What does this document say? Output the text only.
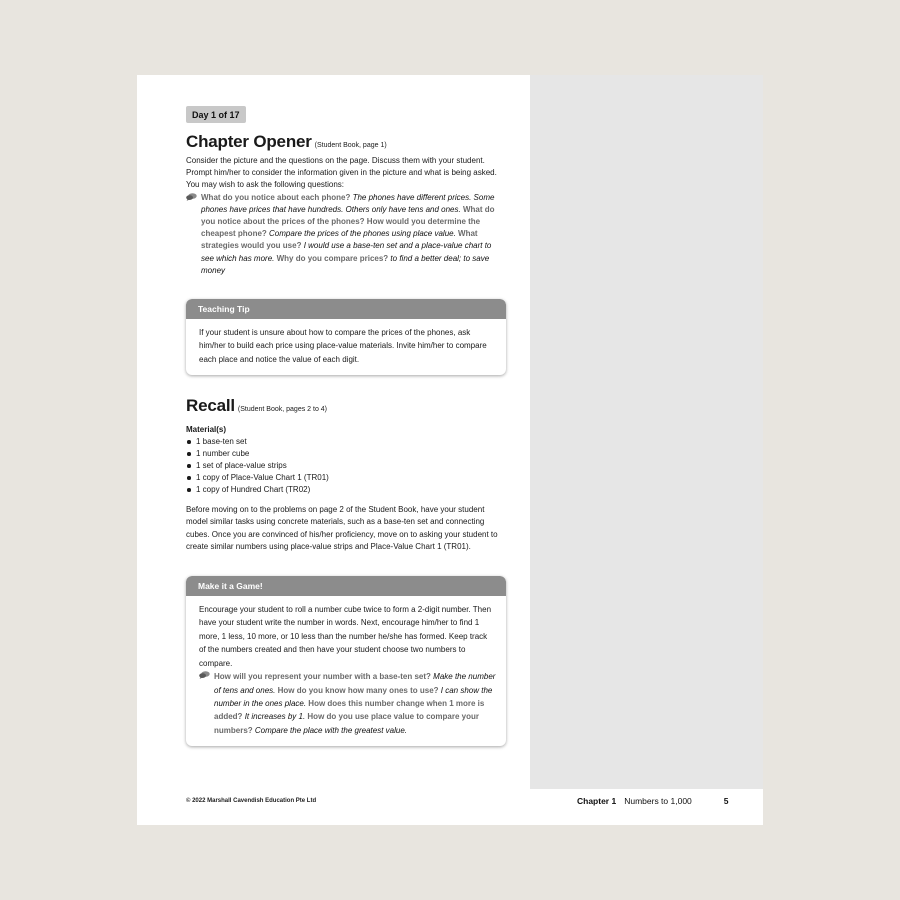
Day 1 of 17
Chapter Opener (Student Book, page 1)

Consider the picture and the questions on the page. Discuss them with your student. Prompt him/her to consider the information given in the picture and what is being asked. You may wish to ask the following questions:

What do you notice about each phone? The phones have different prices. Some phones have prices that have hundreds. Others only have tens and ones. What do you notice about the prices of the phones? How would you determine the cheapest phone? Compare the prices of the phones using place value. What strategies would you use? I would use a base-ten set and a place-value chart to see which has more. Why do you compare prices? to find a better deal; to save money
Teaching Tip
If your student is unsure about how to compare the prices of the phones, ask him/her to build each price using place-value materials. Invite him/her to compare each place and notice the value of each digit.
Recall (Student Book, pages 2 to 4)
Material(s)
1 base-ten set
1 number cube
1 set of place-value strips
1 copy of Place-Value Chart 1 (TR01)
1 copy of Hundred Chart (TR02)

Before moving on to the problems on page 2 of the Student Book, have your student model similar tasks using concrete materials, such as a base-ten set and connecting cubes. Once you are convinced of his/her proficiency, move on to asking your student to create similar numbers using place-value strips and Place-Value Chart 1 (TR01).

Make it a Game!
Encourage your student to roll a number cube twice to form a 2-digit number. Then have your student write the number in words. Next, encourage him/her to find 1 more, 1 less, 10 more, or 10 less than the number he/she has formed. Keep track of the numbers created and then have your student choose two numbers to compare.
How will you represent your number with a base-ten set? Make the number of tens and ones. How do you know how many ones to use? I can show the number in the ones place. How does this number change when 1 more is added? It increases by 1. How do you use place value to compare your numbers? Compare the place with the greatest value.
© 2022 Marshall Cavendish Education Pte Ltd	Chapter 1 Numbers to 1,000	5
